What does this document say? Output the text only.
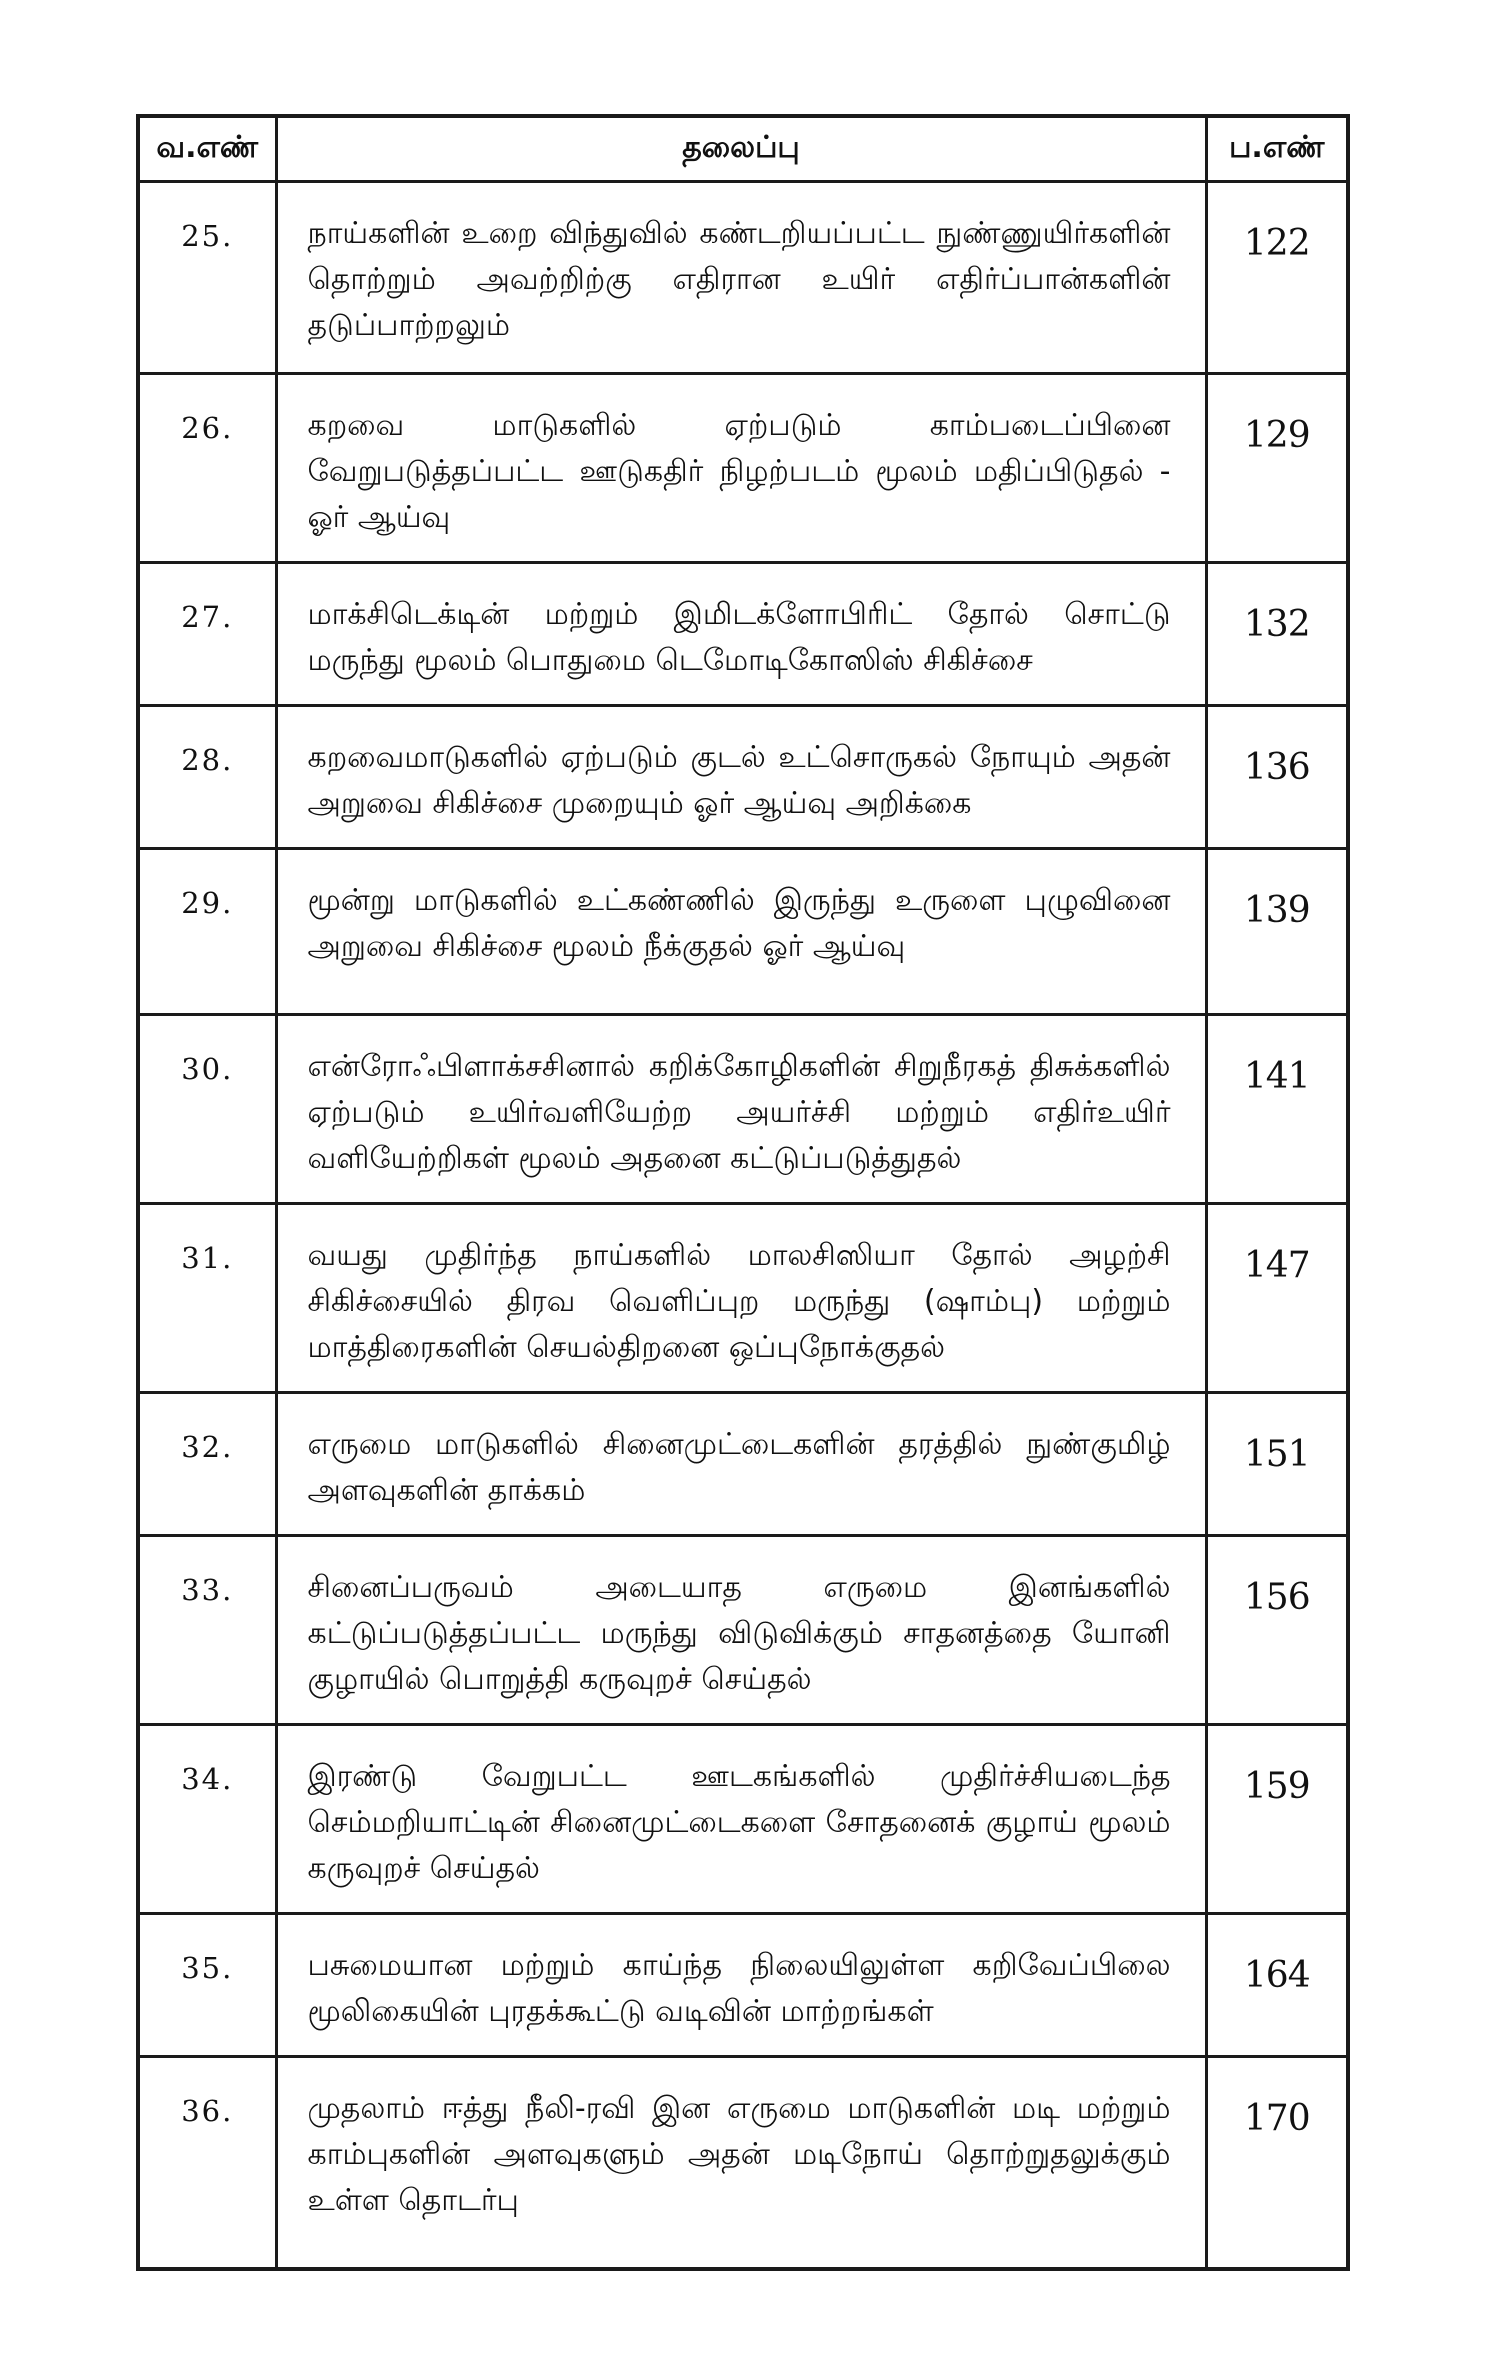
வ.எண்	தலைப்பு	ப.எண்
25.	நாய்களின் உறை விந்துவில் கண்டறியப்பட்ட நுண்ணுயிர்களின் தொற்றும் அவற்றிற்கு எதிரான உயிர் எதிர்ப்பான்களின் தடுப்பாற்றலும்	122
26.	கறவை மாடுகளில் ஏற்படும் காம்படைப்பினை வேறுபடுத்தப்பட்ட ஊடுகதிர் நிழற்படம் மூலம் மதிப்பிடுதல் - ஓர் ஆய்வு	129
27.	மாக்சிடெக்டின் மற்றும் இமிடக்ளோபிரிட் தோல் சொட்டு மருந்து மூலம் பொதுமை டெமோடிகோஸிஸ் சிகிச்சை	132
28.	கறவைமாடுகளில் ஏற்படும் குடல் உட்சொருகல் நோயும் அதன் அறுவை சிகிச்சை முறையும் ஓர் ஆய்வு அறிக்கை	136
29.	மூன்று மாடுகளில் உட்கண்ணில் இருந்து உருளை புழுவினை அறுவை சிகிச்சை மூலம் நீக்குதல் ஓர் ஆய்வு	139
30.	என்ரோஃபிளாக்சசினால் கறிக்கோழிகளின் சிறுநீரகத் திசுக்களில் ஏற்படும் உயிர்வளியேற்ற அயர்ச்சி மற்றும் எதிர்உயிர் வளியேற்றிகள் மூலம் அதனை கட்டுப்படுத்துதல்	141
31.	வயது முதிர்ந்த நாய்களில் மாலசிஸியா தோல் அழற்சி சிகிச்சையில் திரவ வெளிப்புற மருந்து (ஷாம்பு) மற்றும் மாத்திரைகளின் செயல்திறனை ஒப்புநோக்குதல்	147
32.	எருமை மாடுகளில் சினைமுட்டைகளின் தரத்தில் நுண்குமிழ் அளவுகளின் தாக்கம்	151
33.	சினைப்பருவம் அடையாத எருமை இனங்களில் கட்டுப்படுத்தப்பட்ட மருந்து விடுவிக்கும் சாதனத்தை யோனி குழாயில் பொறுத்தி கருவுறச் செய்தல்	156
34.	இரண்டு வேறுபட்ட ஊடகங்களில் முதிர்ச்சியடைந்த செம்மறியாட்டின் சினைமுட்டைகளை சோதனைக் குழாய் மூலம் கருவுறச் செய்தல்	159
35.	பசுமையான மற்றும் காய்ந்த நிலையிலுள்ள கறிவேப்பிலை மூலிகையின் புரதக்கூட்டு வடிவின் மாற்றங்கள்	164
36.	முதலாம் ஈத்து நீலி-ரவி இன எருமை மாடுகளின் மடி மற்றும் காம்புகளின் அளவுகளும் அதன் மடிநோய் தொற்றுதலுக்கும் உள்ள தொடர்பு	170
